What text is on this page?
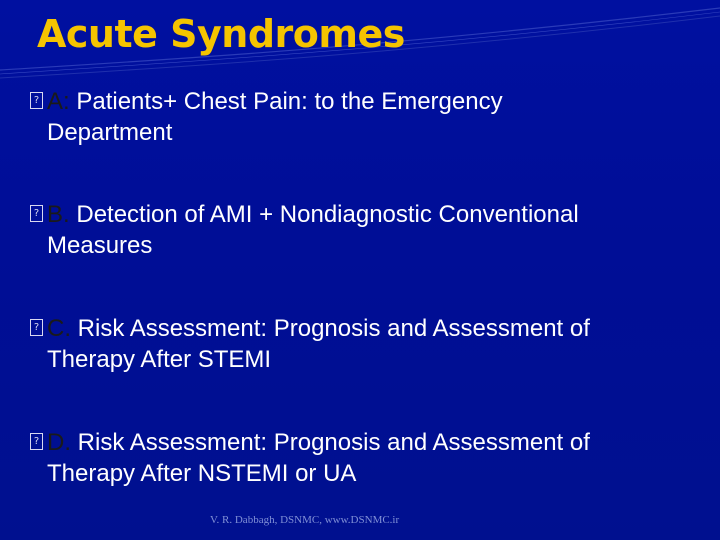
Acute Syndromes
? A: Patients+ Chest Pain: to the Emergency
Department
? B. Detection of AMI + Nondiagnostic Conventional
Measures
? C. Risk Assessment: Prognosis and Assessment of
Therapy After STEMI
? D. Risk Assessment: Prognosis and Assessment of
Therapy After NSTEMI or UA
V. R. Dabbagh, DSNMC, www.DSNMC.ir
